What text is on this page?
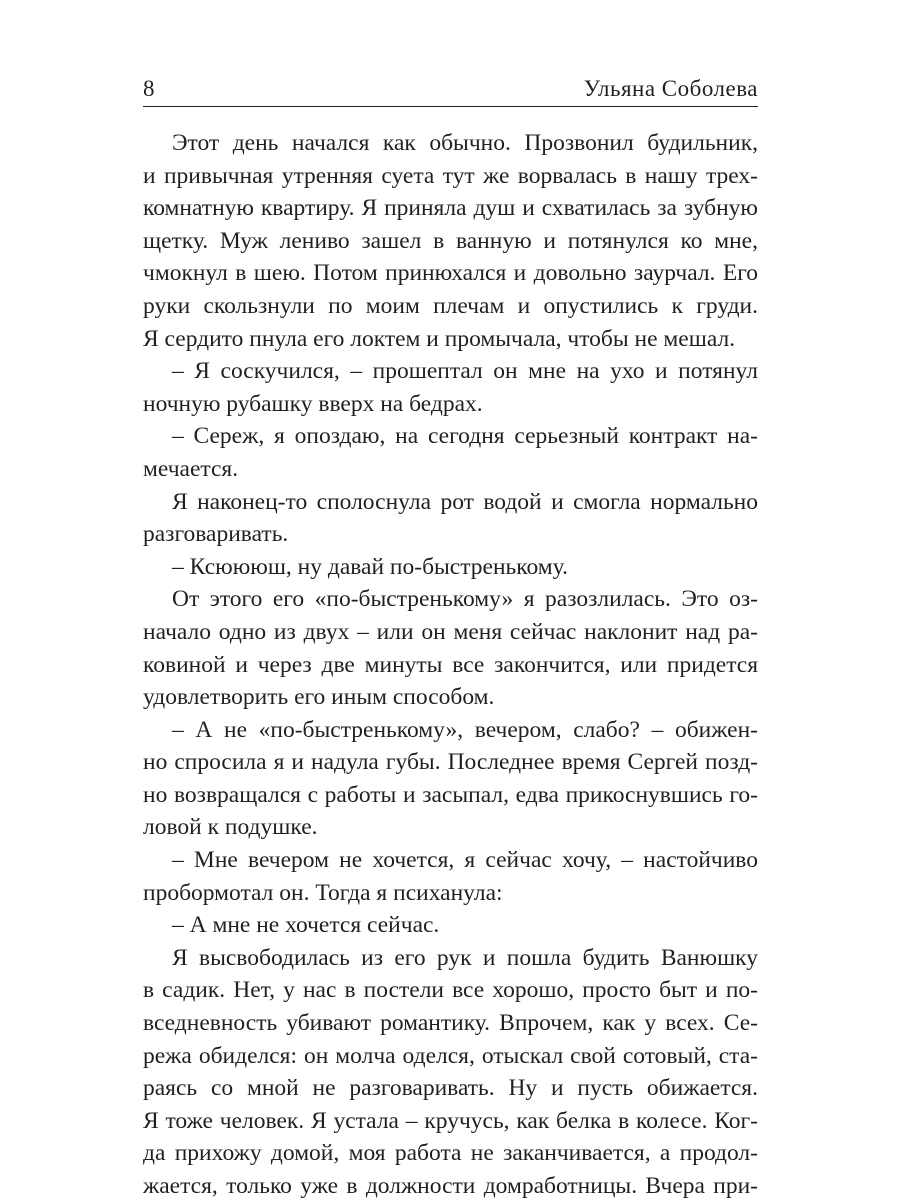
8	Ульяна Соболева
Этот день начался как обычно. Прозвонил будильник,
и привычная утренняя суета тут же ворвалась в нашу трех-
комнатную квартиру. Я приняла душ и схватилась за зубную
щетку. Муж лениво зашел в ванную и потянулся ко мне,
чмокнул в шею. Потом принюхался и довольно заурчал. Его
руки скользнули по моим плечам и опустились к груди.
Я сердито пнула его локтем и промычала, чтобы не мешал.
– Я соскучился, – прошептал он мне на ухо и потянул
ночную рубашку вверх на бедрах.
– Сереж, я опоздаю, на сегодня серьезный контракт на-
мечается.
Я наконец-то сполоснула рот водой и смогла нормально
разговаривать.
– Ксюююш, ну давай по-быстренькому.
От этого его «по-быстренькому» я разозлилась. Это оз-
начало одно из двух – или он меня сейчас наклонит над ра-
ковиной и через две минуты все закончится, или придется
удовлетворить его иным способом.
– А не «по-быстренькому», вечером, слабо? – обижен-
но спросила я и надула губы. Последнее время Сергей позд-
но возвращался с работы и засыпал, едва прикоснувшись го-
ловой к подушке.
– Мне вечером не хочется, я сейчас хочу, – настойчиво
пробормотал он. Тогда я психанула:
– А мне не хочется сейчас.
Я высвободилась из его рук и пошла будить Ванюшку
в садик. Нет, у нас в постели все хорошо, просто быт и по-
вседневность убивают романтику. Впрочем, как у всех. Се-
режа обиделся: он молча оделся, отыскал свой сотовый, ста-
раясь со мной не разговаривать. Ну и пусть обижается.
Я тоже человек. Я устала – кручусь, как белка в колесе. Ког-
да прихожу домой, моя работа не заканчивается, а продол-
жается, только уже в должности домработницы. Вчера при-
